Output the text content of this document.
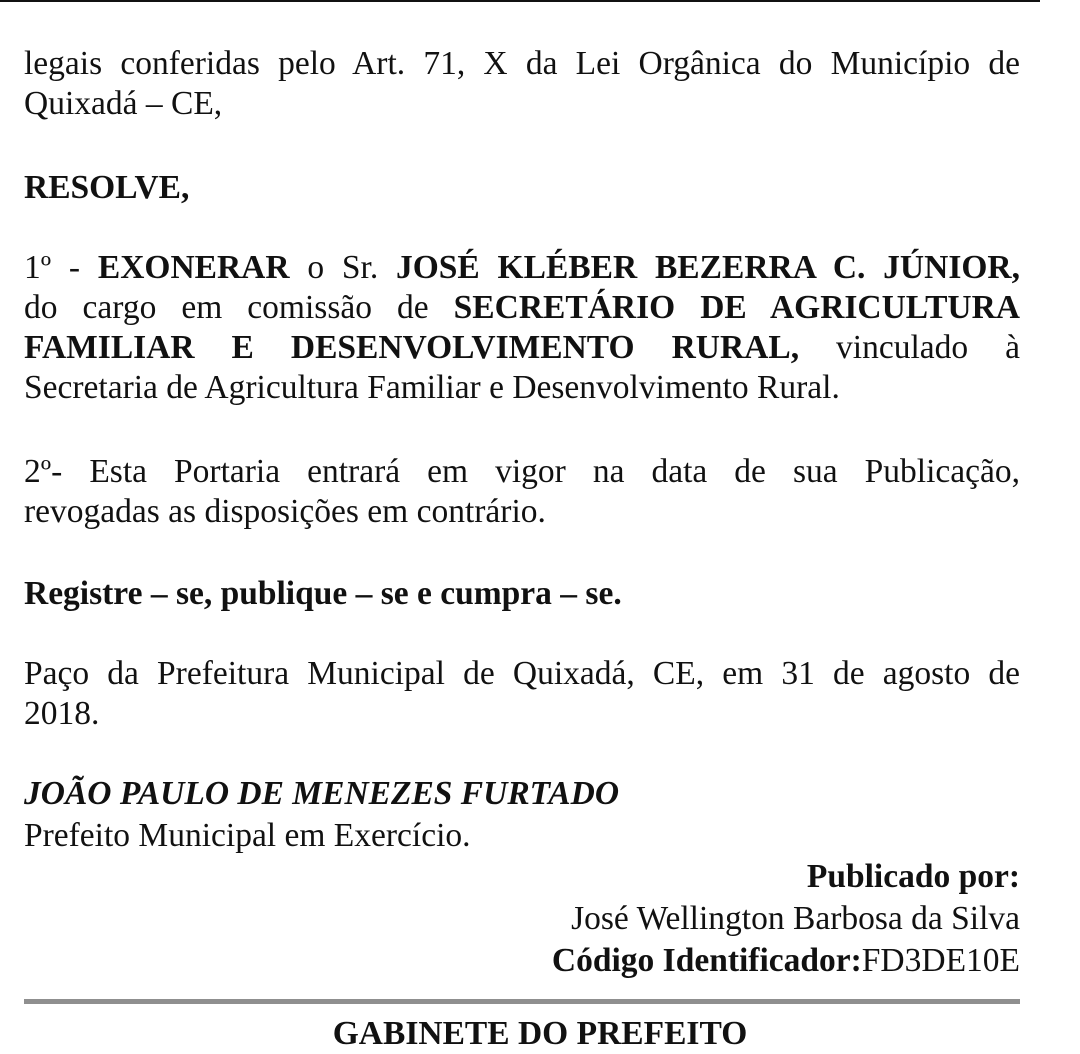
legais conferidas pelo Art. 71, X da Lei Orgânica do Município de
Quixadá – CE,
RESOLVE,
1º - EXONERAR o Sr. JOSÉ KLÉBER BEZERRA C. JÚNIOR,
do cargo em comissão de SECRETÁRIO DE AGRICULTURA
FAMILIAR E DESENVOLVIMENTO RURAL, vinculado à
Secretaria de Agricultura Familiar e Desenvolvimento Rural.
2º- Esta Portaria entrará em vigor na data de sua Publicação,
revogadas as disposições em contrário.
Registre – se, publique – se e cumpra – se.
Paço da Prefeitura Municipal de Quixadá, CE, em 31 de agosto de
2018.
JOÃO PAULO DE MENEZES FURTADO
Prefeito Municipal em Exercício.
Publicado por:
José Wellington Barbosa da Silva
Código Identificador:FD3DE10E
GABINETE DO PREFEITO
